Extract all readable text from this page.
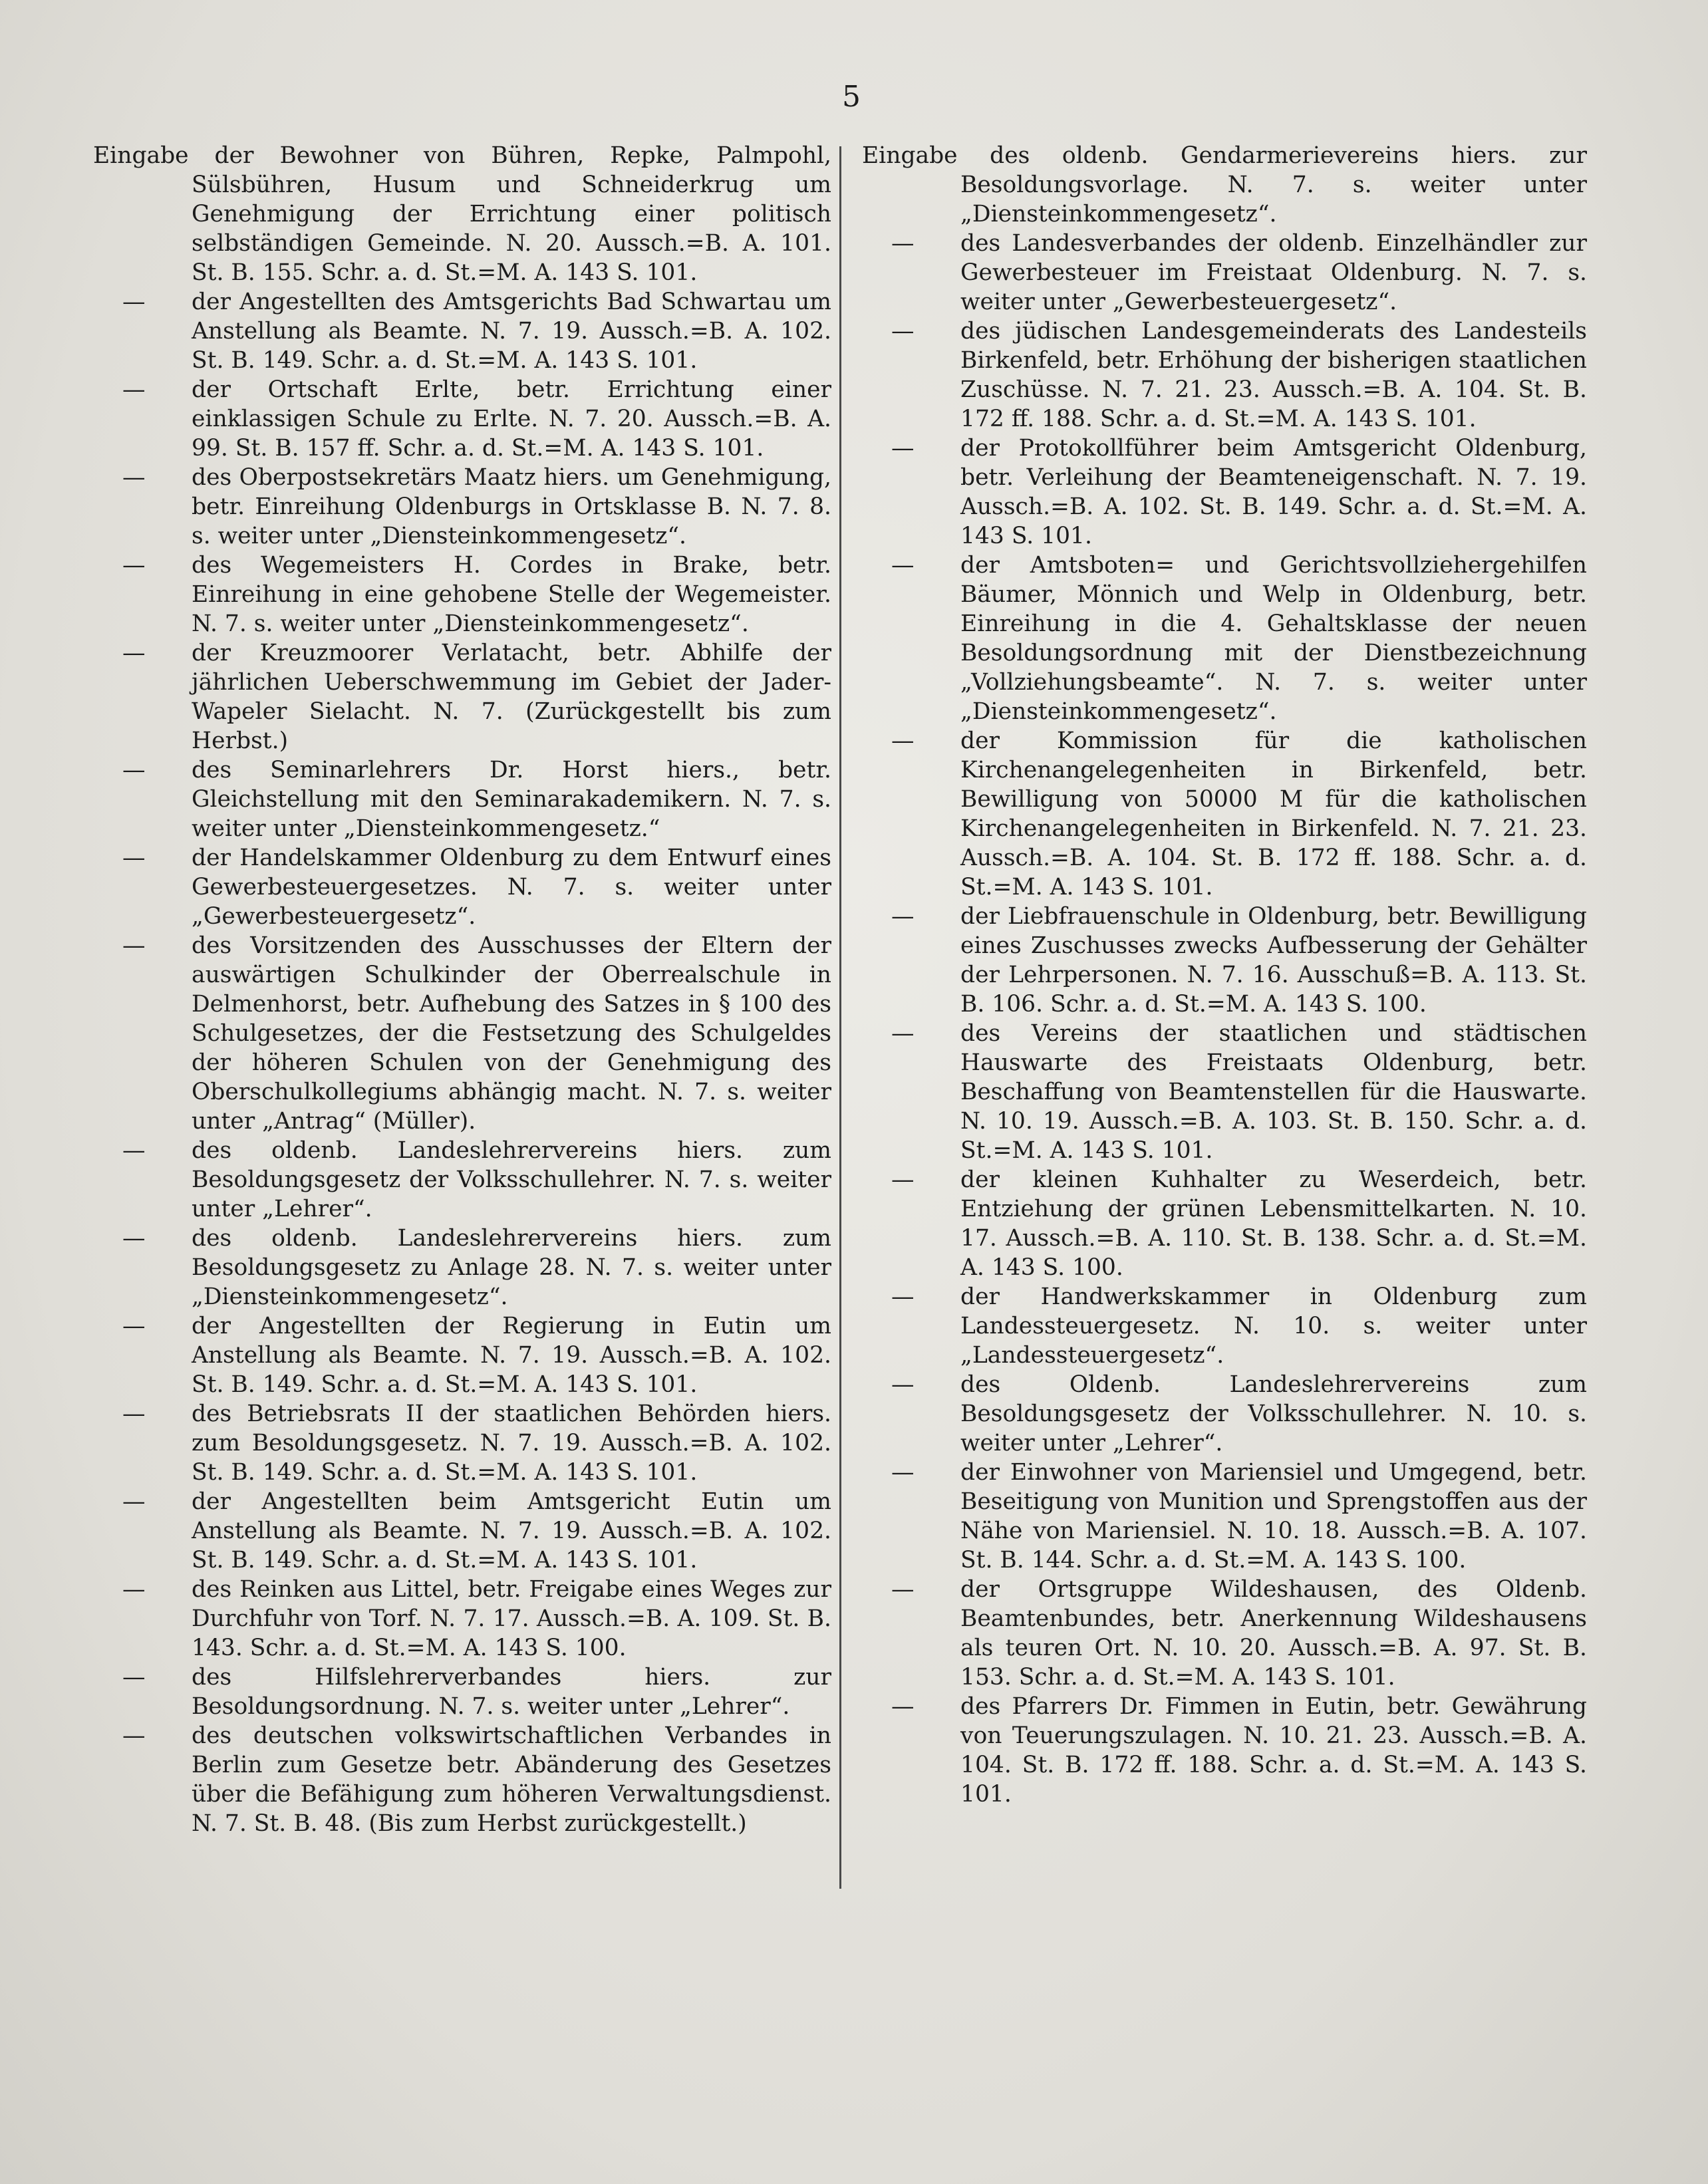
5

Eingabe der Bewohner von Bühren, Repke, Palmpohl, Sülsbühren, Husum und Schneiderkrug um Genehmigung der Errichtung einer politisch selbständigen Gemeinde. N. 20. Aussch.=B. A. 101. St. B. 155. Schr. a. d. St.=M. A. 143 S. 101.

— der Angestellten des Amtsgerichts Bad Schwartau um Anstellung als Beamte. N. 7. 19. Aussch.=B. A. 102. St. B. 149. Schr. a. d. St.=M. A. 143 S. 101.

— der Ortschaft Erlte, betr. Errichtung einer einklassigen Schule zu Erlte. N. 7. 20. Aussch.=B. A. 99. St. B. 157 ff. Schr. a. d. St.=M. A. 143 S. 101.

— des Oberpostsekretärs Maatz hiers. um Genehmigung, betr. Einreihung Oldenburgs in Ortsklasse B. N. 7. 8. s. weiter unter „Diensteinkommengesetz“.

— des Wegemeisters H. Cordes in Brake, betr. Einreihung in eine gehobene Stelle der Wegemeister. N. 7. s. weiter unter „Diensteinkommengesetz“.

— der Kreuzmoorer Verlatacht, betr. Abhilfe der jährlichen Ueberschwemmung im Gebiet der Jader-Wapeler Sielacht. N. 7. (Zurückgestellt bis zum Herbst.)

— des Seminarlehrers Dr. Horst hiers., betr. Gleichstellung mit den Seminarakademikern. N. 7. s. weiter unter „Diensteinkommengesetz.“

— der Handelskammer Oldenburg zu dem Entwurf eines Gewerbesteuergesetzes. N. 7. s. weiter unter „Gewerbesteuergesetz“.

— des Vorsitzenden des Ausschusses der Eltern der auswärtigen Schulkinder der Oberrealschule in Delmenhorst, betr. Aufhebung des Satzes in § 100 des Schulgesetzes, der die Festsetzung des Schulgeldes der höheren Schulen von der Genehmigung des Oberschulkollegiums abhängig macht. N. 7. s. weiter unter „Antrag“ (Müller).

— des oldenb. Landeslehrervereins hiers. zum Besoldungsgesetz der Volksschullehrer. N. 7. s. weiter unter „Lehrer“.

— des oldenb. Landeslehrervereins hiers. zum Besoldungsgesetz zu Anlage 28. N. 7. s. weiter unter „Diensteinkommengesetz“.

— der Angestellten der Regierung in Eutin um Anstellung als Beamte. N. 7. 19. Aussch.=B. A. 102. St. B. 149. Schr. a. d. St.=M. A. 143 S. 101.

— des Betriebsrats II der staatlichen Behörden hiers. zum Besoldungsgesetz. N. 7. 19. Aussch.=B. A. 102. St. B. 149. Schr. a. d. St.=M. A. 143 S. 101.

— der Angestellten beim Amtsgericht Eutin um Anstellung als Beamte. N. 7. 19. Aussch.=B. A. 102. St. B. 149. Schr. a. d. St.=M. A. 143 S. 101.

— des Reinken aus Littel, betr. Freigabe eines Weges zur Durchfuhr von Torf. N. 7. 17. Aussch.=B. A. 109. St. B. 143. Schr. a. d. St.=M. A. 143 S. 100.

— des Hilfslehrerverbandes hiers. zur Besoldungsordnung. N. 7. s. weiter unter „Lehrer“.

— des deutschen volkswirtschaftlichen Verbandes in Berlin zum Gesetze betr. Abänderung des Gesetzes über die Befähigung zum höheren Verwaltungsdienst. N. 7. St. B. 48. (Bis zum Herbst zurückgestellt.)

Eingabe des oldenb. Gendarmerievereins hiers. zur Besoldungsvorlage. N. 7. s. weiter unter „Diensteinkommengesetz“.

— des Landesverbandes der oldenb. Einzelhändler zur Gewerbesteuer im Freistaat Oldenburg. N. 7. s. weiter unter „Gewerbesteuergesetz“.

— des jüdischen Landesgemeinderats des Landesteils Birkenfeld, betr. Erhöhung der bisherigen staatlichen Zuschüsse. N. 7. 21. 23. Aussch.=B. A. 104. St. B. 172 ff. 188. Schr. a. d. St.=M. A. 143 S. 101.

— der Protokollführer beim Amtsgericht Oldenburg, betr. Verleihung der Beamteneigenschaft. N. 7. 19. Aussch.=B. A. 102. St. B. 149. Schr. a. d. St.=M. A. 143 S. 101.

— der Amtsboten= und Gerichtsvollziehergehilfen Bäumer, Mönnich und Welp in Oldenburg, betr. Einreihung in die 4. Gehaltsklasse der neuen Besoldungsordnung mit der Dienstbezeichnung „Vollziehungsbeamte“. N. 7. s. weiter unter „Diensteinkommengesetz“.

— der Kommission für die katholischen Kirchenangelegenheiten in Birkenfeld, betr. Bewilligung von 50000 M für die katholischen Kirchenangelegenheiten in Birkenfeld. N. 7. 21. 23. Aussch.=B. A. 104. St. B. 172 ff. 188. Schr. a. d. St.=M. A. 143 S. 101.

— der Liebfrauenschule in Oldenburg, betr. Bewilligung eines Zuschusses zwecks Aufbesserung der Gehälter der Lehrpersonen. N. 7. 16. Ausschuß=B. A. 113. St. B. 106. Schr. a. d. St.=M. A. 143 S. 100.

— des Vereins der staatlichen und städtischen Hauswarte des Freistaats Oldenburg, betr. Beschaffung von Beamtenstellen für die Hauswarte. N. 10. 19. Aussch.=B. A. 103. St. B. 150. Schr. a. d. St.=M. A. 143 S. 101.

— der kleinen Kuhhalter zu Weserdeich, betr. Entziehung der grünen Lebensmittelkarten. N. 10. 17. Aussch.=B. A. 110. St. B. 138. Schr. a. d. St.=M. A. 143 S. 100.

— der Handwerkskammer in Oldenburg zum Landessteuergesetz. N. 10. s. weiter unter „Landessteuergesetz“.

— des Oldenb. Landeslehrervereins zum Besoldungsgesetz der Volksschullehrer. N. 10. s. weiter unter „Lehrer“.

— der Einwohner von Mariensiel und Umgegend, betr. Beseitigung von Munition und Sprengstoffen aus der Nähe von Mariensiel. N. 10. 18. Aussch.=B. A. 107. St. B. 144. Schr. a. d. St.=M. A. 143 S. 100.

— der Ortsgruppe Wildeshausen, des Oldenb. Beamtenbundes, betr. Anerkennung Wildeshausens als teuren Ort. N. 10. 20. Aussch.=B. A. 97. St. B. 153. Schr. a. d. St.=M. A. 143 S. 101.

— des Pfarrers Dr. Fimmen in Eutin, betr. Gewährung von Teuerungszulagen. N. 10. 21. 23. Aussch.=B. A. 104. St. B. 172 ff. 188. Schr. a. d. St.=M. A. 143 S. 101.
